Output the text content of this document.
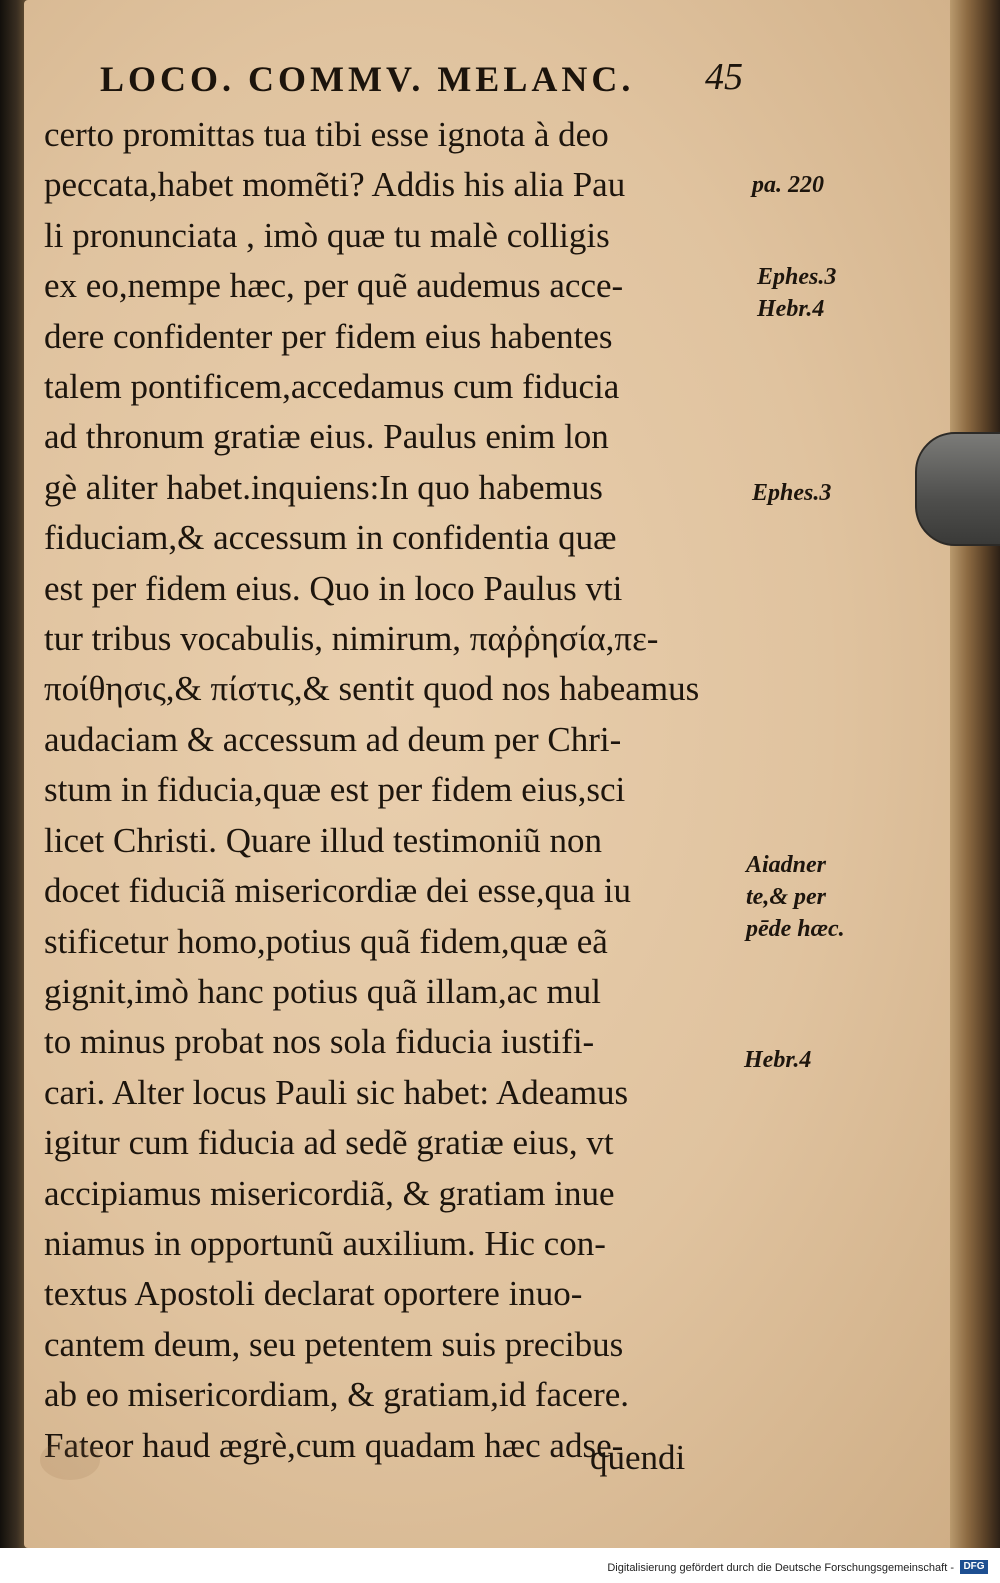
LOCO. COMMV. MELANC. 45
certo promittas tua tibi esse ignota à deo
peccata,habet momẽti? Addis his alia Pau
li pronunciata , imò quæ tu malè colligis
ex eo,nempe hæc, per quẽ audemus acce-
dere confidenter per fidem eius habentes
talem pontificem,accedamus cum fiducia
ad thronum gratiæ eius. Paulus enim lon
gè aliter habet.inquiens:In quo habemus
fiduciam,& accessum in confidentia quæ
est per fidem eius. Quo in loco Paulus vti
tur tribus vocabulis, nimirum, παῤῥησία,πε-
ποίθησις,& πίστις,& sentit quod nos habeamus
audaciam & accessum ad deum per Chri-
stum in fiducia,quæ est per fidem eius,sci
licet Christi. Quare illud testimoniũ non
docet fiduciã misericordiæ dei esse,qua iu
stificetur homo,potius quã fidem,quæ eã
gignit,imò hanc potius quã illam,ac mul
to minus probat nos sola fiducia iustifi-
cari. Alter locus Pauli sic habet: Adeamus
igitur cum fiducia ad sedẽ gratiæ eius, vt
accipiamus misericordiã, & gratiam inue
niamus in opportunũ auxilium. Hic con-
textus Apostoli declarat oportere inuo-
cantem deum, seu petentem suis precibus
ab eo misericordiam, & gratiam,id facere.
Fateor haud ægrè,cum quadam hæc adse-
quendi
pa. 220
Ephes.3
Hebr.4
Ephes.3
Aiadner
te,& per
pēde hæc.
Hebr.4
Digitalisierung gefördert durch die Deutsche Forschungsgemeinschaft - DFG
